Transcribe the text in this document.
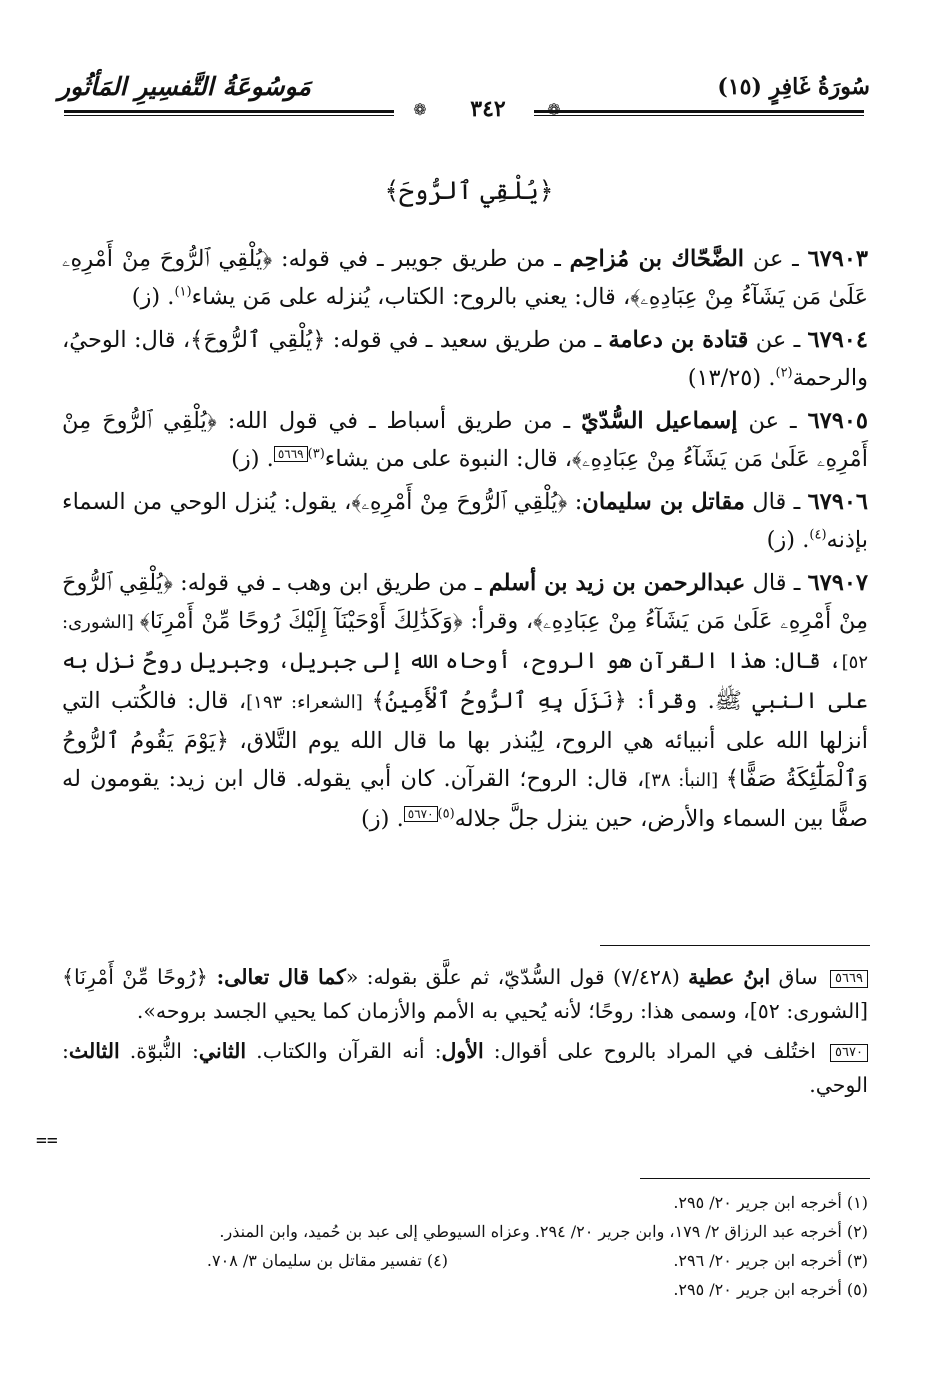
مَوسُوعَةُ التَّفسِيرِ المَأثُور	سُورَةُ غَافِرٍ (١٥)
❁	❁
٣٤٢
﴿يُلْقِي ٱلرُّوحَ﴾

٦٧٩٠٣ ـ عن الضَّحّاك بن مُزاحِم ـ من طريق جويبر ـ في قوله: ﴿يُلْقِي ٱلرُّوحَ مِنْ أَمْرِهِۦ عَلَىٰ مَن يَشَآءُ مِنْ عِبَادِهِۦ﴾، قال: يعني بالروح: الكتاب، يُنزله على مَن يشاء$^{(١)}$. (ز)

٦٧٩٠٤ ـ عن قتادة بن دعامة ـ من طريق سعيد ـ في قوله: ﴿يُلْقِي ٱلرُّوحَ﴾، قال: الوحيُ، والرحمة$^{(٢)}$. (١٣/٢٥)

٦٧٩٠٥ ـ عن إسماعيل السُّدّيّ ـ من طريق أسباط ـ في قول الله: ﴿يُلْقِي ٱلرُّوحَ مِنْ أَمْرِهِۦ عَلَىٰ مَن يَشَآءُ مِنْ عِبَادِهِۦ﴾، قال: النبوة على من يشاء$^{(٣)}$٥٦٦٩. (ز)

٦٧٩٠٦ ـ قال مقاتل بن سليمان: ﴿يُلْقِي ٱلرُّوحَ مِنْ أَمْرِهِۦ﴾، يقول: يُنزل الوحي من السماء بإذنه$^{(٤)}$. (ز)

٦٧٩٠٧ ـ قال عبدالرحمن بن زيد بن أسلم ـ من طريق ابن وهب ـ في قوله: ﴿يُلْقِي ٱلرُّوحَ مِنْ أَمْرِهِۦ عَلَىٰ مَن يَشَآءُ مِنْ عِبَادِهِۦ﴾، وقرأ: ﴿وَكَذَٰلِكَ أَوْحَيْنَآ إِلَيْكَ رُوحًا مِّنْ أَمْرِنَا﴾ [الشورى: ٥٢]، قال: هذا القرآن هو الروح، أوحاه الله إلى جبريل، وجبريل روحٌ نزل به على النبي ﷺ. وقرأ: ﴿نَزَلَ بِهِ ٱلرُّوحُ ٱلْأَمِينُ﴾ [الشعراء: ١٩٣]، قال: فالكُتب التي أنزلها الله على أنبيائه هي الروح، لِيُنذر بها ما قال الله يوم التَّلاق، ﴿يَوْمَ يَقُومُ ٱلرُّوحُ وَٱلْمَلَٰٓئِكَةُ صَفًّا﴾ [النبأ: ٣٨]، قال: الروح؛ القرآن. كان أبي يقوله. قال ابن زيد: يقومون له صفًّا بين السماء والأرض، حين ينزل جلَّ جلاله$^{(٥)}$٥٦٧٠. (ز)

٥٦٦٩ ساق ابنُ عطية (٧/٤٢٨) قول السُّدّيّ، ثم علَّق بقوله: «كما قال تعالى: ﴿رُوحًا مِّنْ أَمْرِنَا﴾ [الشورى: ٥٢]، وسمى هذا: روحًا؛ لأنه يُحيي به الأمم والأزمان كما يحيي الجسد بروحه».
٥٦٧٠ اختُلف في المراد بالروح على أقوال: الأول: أنه القرآن والكتاب. الثاني: النُّبوّة. الثالث: الوحي.
==
(١) أخرجه ابن جرير ٢٠/ ٢٩٥.
(٢) أخرجه عبد الرزاق ٢/ ١٧٩، وابن جرير ٢٠/ ٢٩٤. وعزاه السيوطي إلى عبد بن حُميد، وابن المنذر.
(٣) أخرجه ابن جرير ٢٠/ ٢٩٦.
(٤) تفسير مقاتل بن سليمان ٣/ ٧٠٨.
(٥) أخرجه ابن جرير ٢٠/ ٢٩٥.
